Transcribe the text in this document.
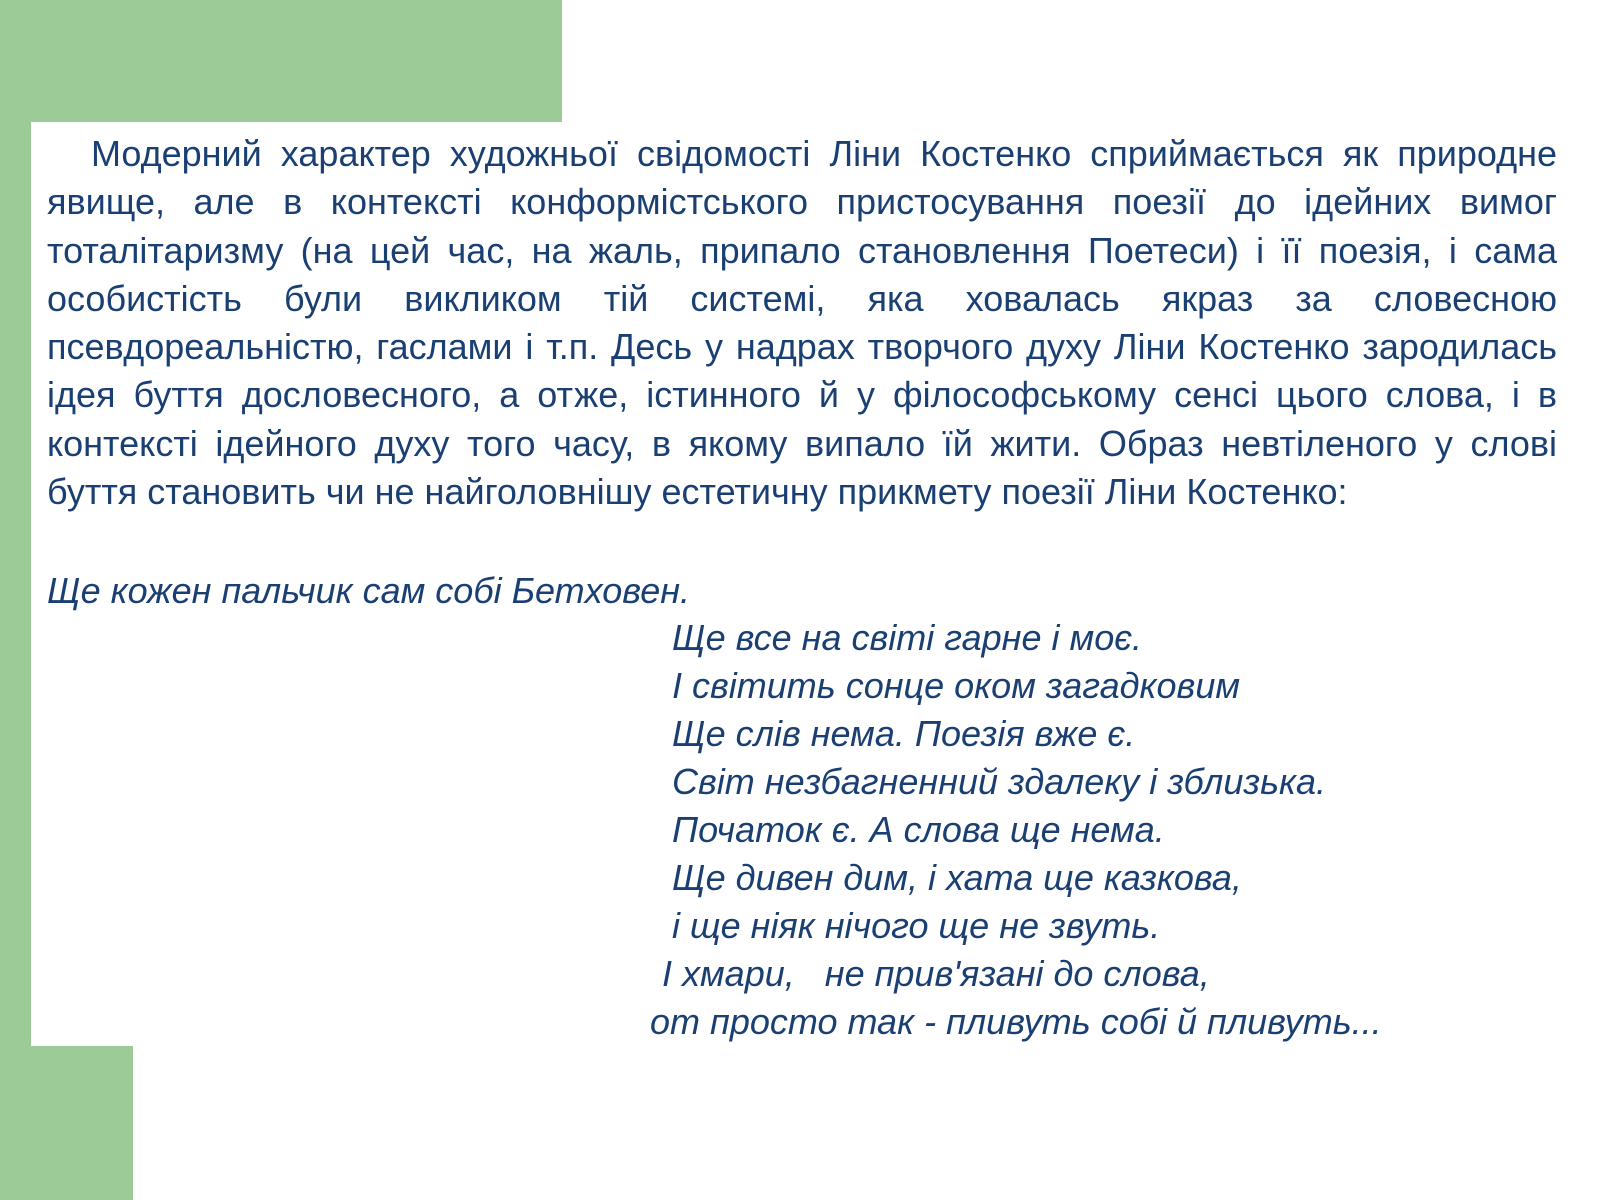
Модерний характер художньої свідомості Ліни Костенко сприймається як природне явище, але в контексті конформістського пристосування поезії до ідейних вимог тоталітаризму (на цей час, на жаль, припало становлення Поетеси) і її поезія, і сама особистість були викликом тій системі, яка ховалась якраз за словесною псевдореальністю, гаслами і т.п. Десь у надрах творчого духу Ліни Костенко зародилась ідея буття дословесного, а отже, істинного й у філософському сенсі цього слова, і в контексті ідейного духу того часу, в якому випало їй жити. Образ невтіленого у слові буття становить чи не найголовнішу естетичну прикмету поезії Ліни Костенко:

Ще кожен пальчик сам собі Бетховен.

Ще все на світі гарне і моє.

І світить сонце оком загадковим

Ще слів нема. Поезія вже є.

Світ незбагненний здалеку і зблизька.

Початок є. А слова ще нема.

Ще дивен дим, і хата ще казкова,

і ще ніяк нічого ще не звуть.

І хмари,   не прив'язані до слова,

от просто так - пливуть собі й пливуть...
